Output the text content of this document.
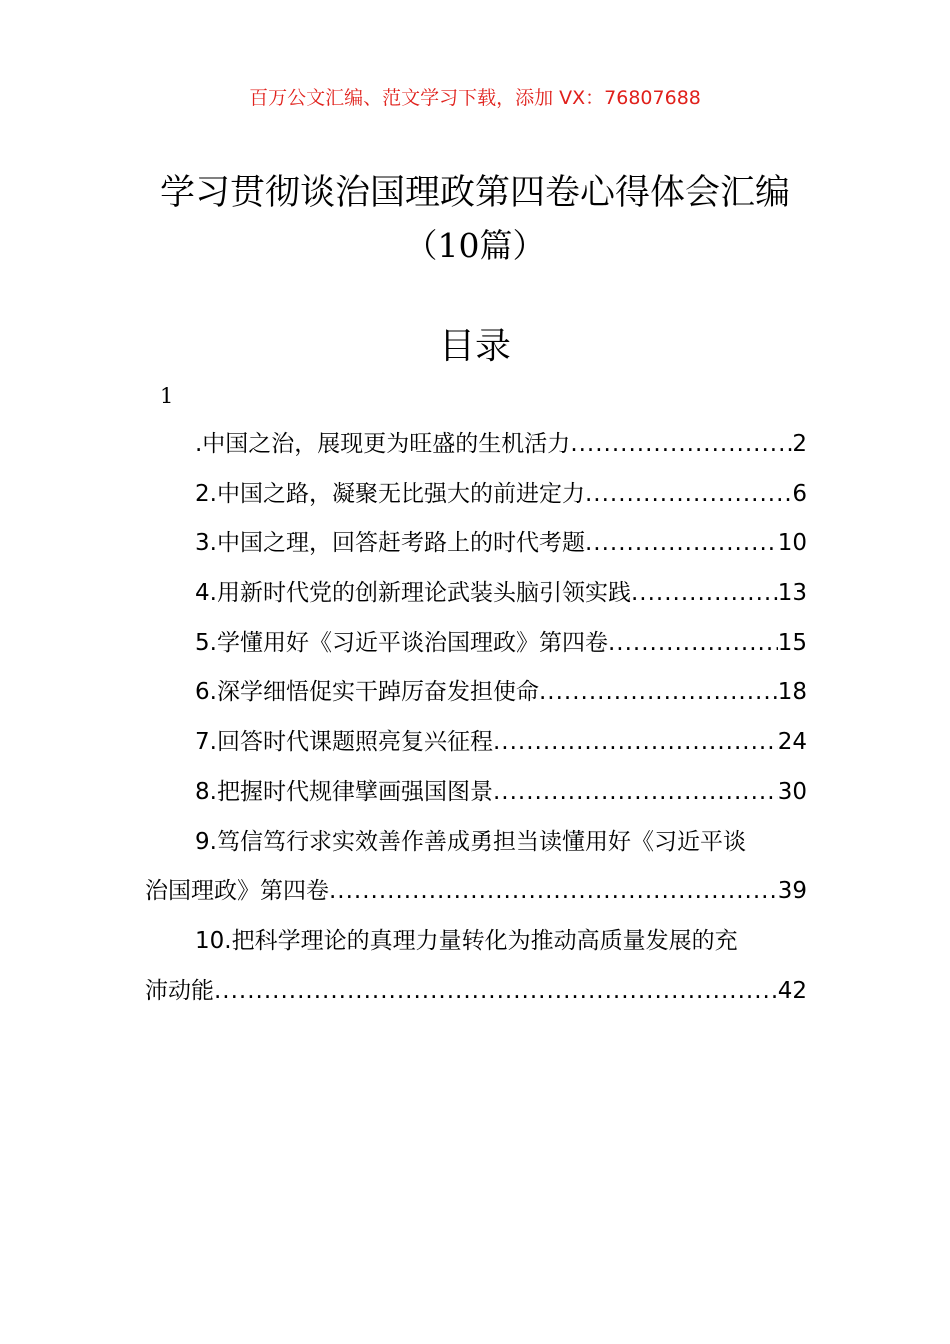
百万公文汇编、范文学习下载，添加 VX：76807688
学习贯彻谈治国理政第四卷心得体会汇编
（10篇）
目录
1
.中国之治，展现更为旺盛的生机活力 .....	2
2.中国之路，凝聚无比强大的前进定力 .....	6
3.中国之理，回答赶考路上的时代考题 .....	10
4.用新时代党的创新理论武装头脑引领实践 .....	13
5.学懂用好《习近平谈治国理政》第四卷 .....	15
6.深学细悟促实干踔厉奋发担使命 .....	18
7.回答时代课题照亮复兴征程 .....	24
8.把握时代规律擘画强国图景 .....	30
9.笃信笃行求实效善作善成勇担当读懂用好《习近平谈
治国理政》第四卷 .....	39
10.把科学理论的真理力量转化为推动高质量发展的充
沛动能 .....	42
